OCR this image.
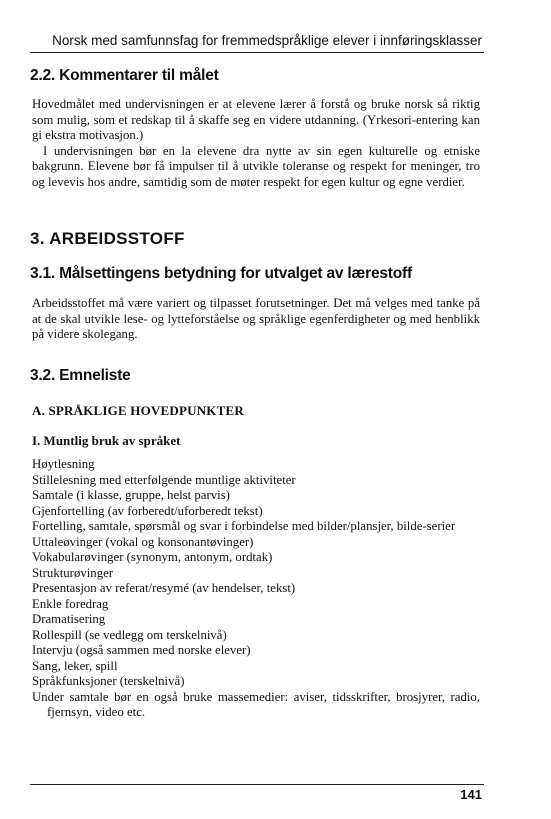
Norsk med samfunnsfag for fremmedspråklige elever i innføringsklasser
2.2. Kommentarer til målet

Hovedmålet med undervisningen er at elevene lærer å forstå og bruke norsk så riktig som mulig, som et redskap til å skaffe seg en videre utdanning. (Yrkesori-entering kan gi ekstra motivasjon.)

I undervisningen bør en la elevene dra nytte av sin egen kulturelle og etniske bakgrunn. Elevene bør få impulser til å utvikle toleranse og respekt for meninger, tro og levevis hos andre, samtidig som de møter respekt for egen kultur og egne verdier.

3. ARBEIDSSTOFF
3.1. Målsettingens betydning for utvalget av lærestoff

Arbeidsstoffet må være variert og tilpasset forutsetninger. Det må velges med tanke på at de skal utvikle lese- og lytteforståelse og språklige egenferdigheter og med henblikk på videre skolegang.

3.2. Emneliste
A. SPRÅKLIGE HOVEDPUNKTER
I. Muntlig bruk av språket
Høytlesning
Stillelesning med etterfølgende muntlige aktiviteter
Samtale (i klasse, gruppe, helst parvis)
Gjenfortelling (av forberedt/uforberedt tekst)
Fortelling, samtale, spørsmål og svar i forbindelse med bilder/plansjer, bilde-serier
Uttaleøvinger (vokal og konsonantøvinger)
Vokabularøvinger (synonym, antonym, ordtak)
Strukturøvinger
Presentasjon av referat/resymé (av hendelser, tekst)
Enkle foredrag
Dramatisering
Rollespill (se vedlegg om terskelnivå)
Intervju (også sammen med norske elever)
Sang, leker, spill
Språkfunksjoner (terskelnivå)
Under samtale bør en også bruke massemedier: aviser, tidsskrifter, brosjyrer, radio, fjernsyn, video etc.
141
